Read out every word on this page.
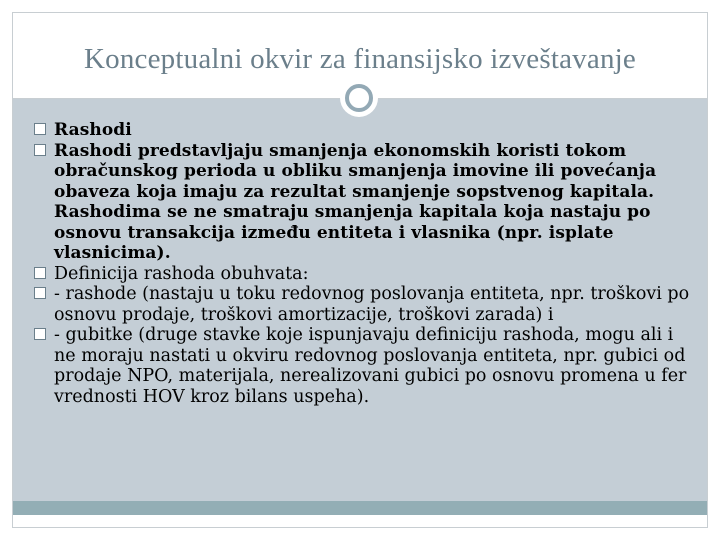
Konceptualni okvir za finansijsko izveštavanje
Rashodi
Rashodi predstavljaju smanjenja ekonomskih koristi tokom obračunskog perioda u obliku smanjenja imovine ili povećanja obaveza koja imaju za rezultat smanjenje sopstvenog kapitala. Rashodima se ne smatraju smanjenja kapitala koja nastaju po osnovu transakcija između entiteta i vlasnika (npr. isplate vlasnicima).
Definicija rashoda obuhvata:
- rashode (nastaju u toku redovnog poslovanja entiteta, npr. troškovi po osnovu prodaje, troškovi amortizacije, troškovi zarada) i
- gubitke (druge stavke koje ispunjavaju definiciju rashoda, mogu ali i ne moraju nastati u okviru redovnog poslovanja entiteta, npr. gubici od prodaje NPO, materijala, nerealizovani gubici po osnovu promena u fer vrednosti HOV kroz bilans uspeha).
